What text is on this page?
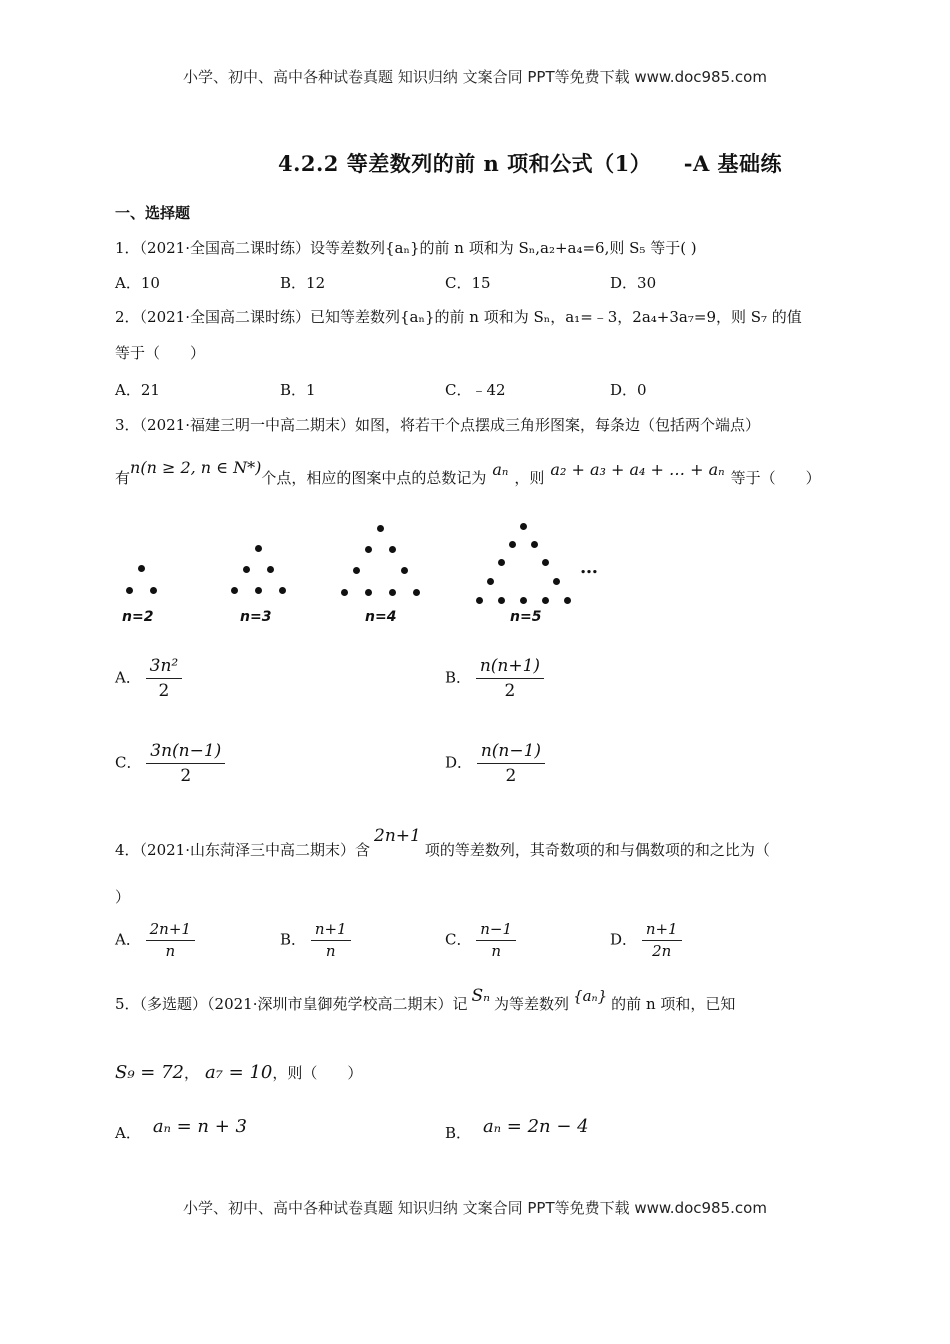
小学、初中、高中各种试卷真题 知识归纳 文案合同 PPT等免费下载 www.doc985.com
小学、初中、高中各种试卷真题 知识归纳 文案合同 PPT等免费下载 www.doc985.com
4.2.2 等差数列的前 n 项和公式（1）　　-A 基础练
一、选择题
1．（2021·全国高二课时练）设等差数列{aₙ}的前 n 项和为 Sₙ,a₂+a₄=6,则 S₅ 等于( )
A．10	B．12	C．15	D．30
2．（2021·全国高二课时练）已知等差数列{aₙ}的前 n 项和为 Sₙ，a₁=﹣3，2a₄+3a₇=9，则 S₇ 的值
等于（　　）
A．21	B．1	C．﹣42	D．0
3．（2021·福建三明一中高二期末）如图，将若干个点摆成三角形图案，每条边（包括两个端点）
有n(n ≥ 2, n ∈ N*)个点，相应的图案中点的总数记为 aₙ ，则 a₂ + a₃ + a₄ + … + aₙ 等于（　　）
n=2	n=3	n=4	n=5
…
A． $\frac{\text{3n²}}{2}$	B． $\frac{n(n+1)}{2}$
C． $\frac{3n(n-1)}{2}$	D． $\frac{n(n-1)}{2}$
4．（2021·山东菏泽三中高二期末）含2n+1项的等差数列，其奇数项的和与偶数项的和之比为（
）
A． $\frac{2n+1}{n}$	B． $\frac{n+1}{n}$	C． $\frac{n-1}{n}$	D． $\frac{n+1}{2n}$
5．（多选题）（2021·深圳市皇御苑学校高二期末）记 Sₙ 为等差数列 {aₙ} 的前 n 项和，已知
S₉ = 72， a₇ = 10，则（　　）
A． aₙ = n + 3	B． aₙ = 2n − 4
